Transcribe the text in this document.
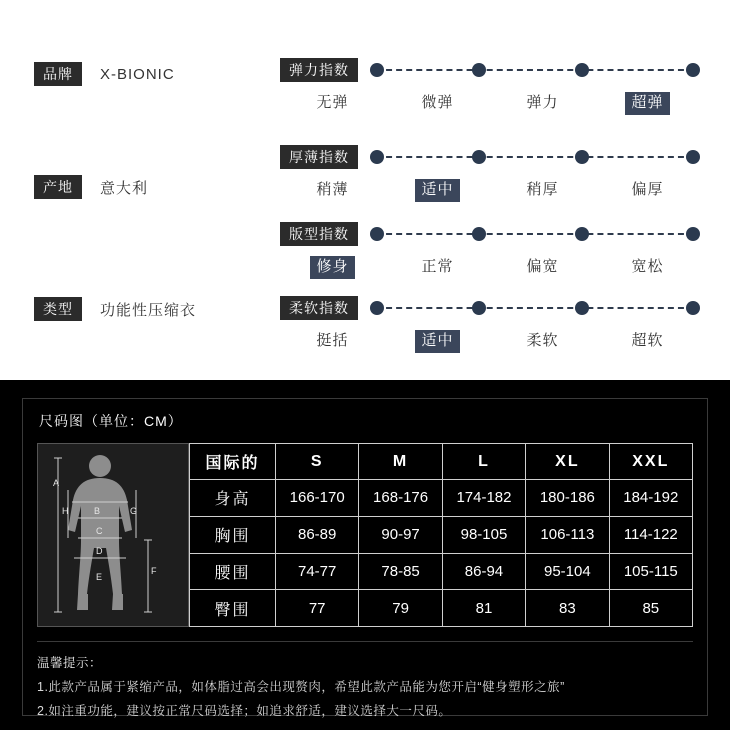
品牌	X-BIONIC
产地	意大利
类型	功能性压缩衣
弹力指数
无弹	微弹	弹力	超弹
厚薄指数
稍薄	适中	稍厚	偏厚
版型指数
修身	正常	偏宽	宽松
柔软指数
挺括	适中	柔软	超软
尺码图（单位：CM）
A
B
C
D
E
F
G
H
国际的	S	M	L	XL	XXL
身高	166-170	168-176	174-182	180-186	184-192
胸围	86-89	90-97	98-105	106-113	114-122
腰围	74-77	78-85	86-94	95-104	105-115
臀围	77	79	81	83	85
温馨提示：
1.此款产品属于紧缩产品，如体脂过高会出现赘肉，希望此款产品能为您开启“健身塑形之旅”
2.如注重功能，建议按正常尺码选择；如追求舒适，建议选择大一尺码。
